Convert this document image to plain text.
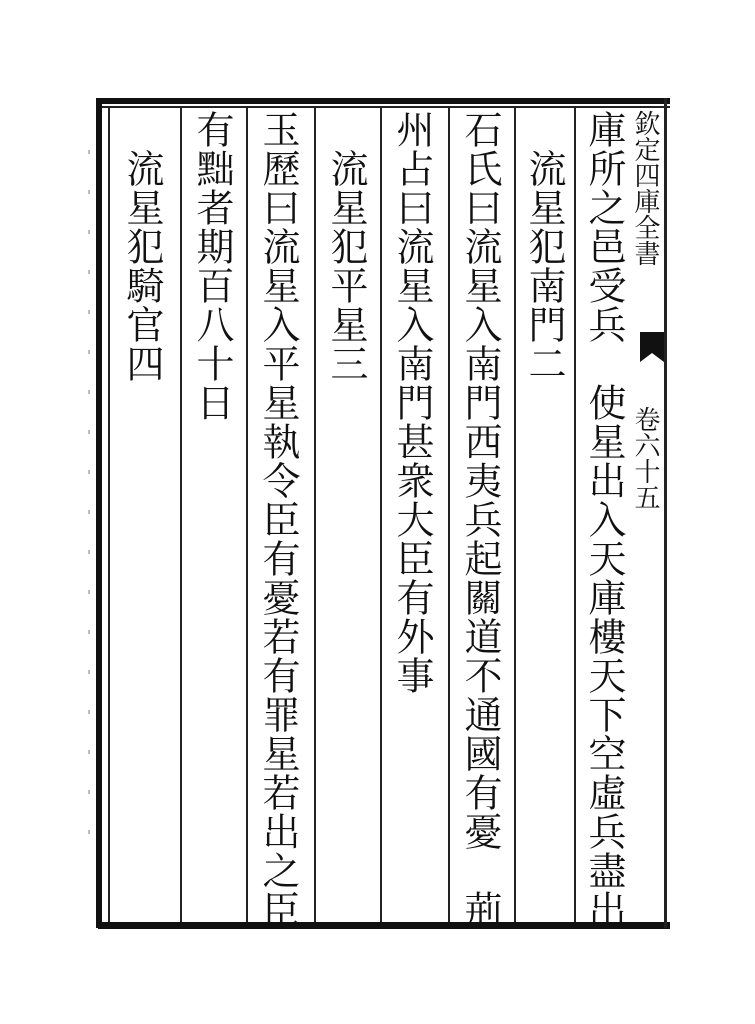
欽定四庫全書
卷六十五
庫所之邑受兵　使星出入天庫樓天下空虛兵盡出
　流星犯南門二
石氏曰流星入南門西夷兵起關道不通國有憂　荊
州占曰流星入南門甚衆大臣有外事
　流星犯平星三
玉歷曰流星入平星執令臣有憂若有罪星若出之臣
有黜者期百八十日
　流星犯騎官四
